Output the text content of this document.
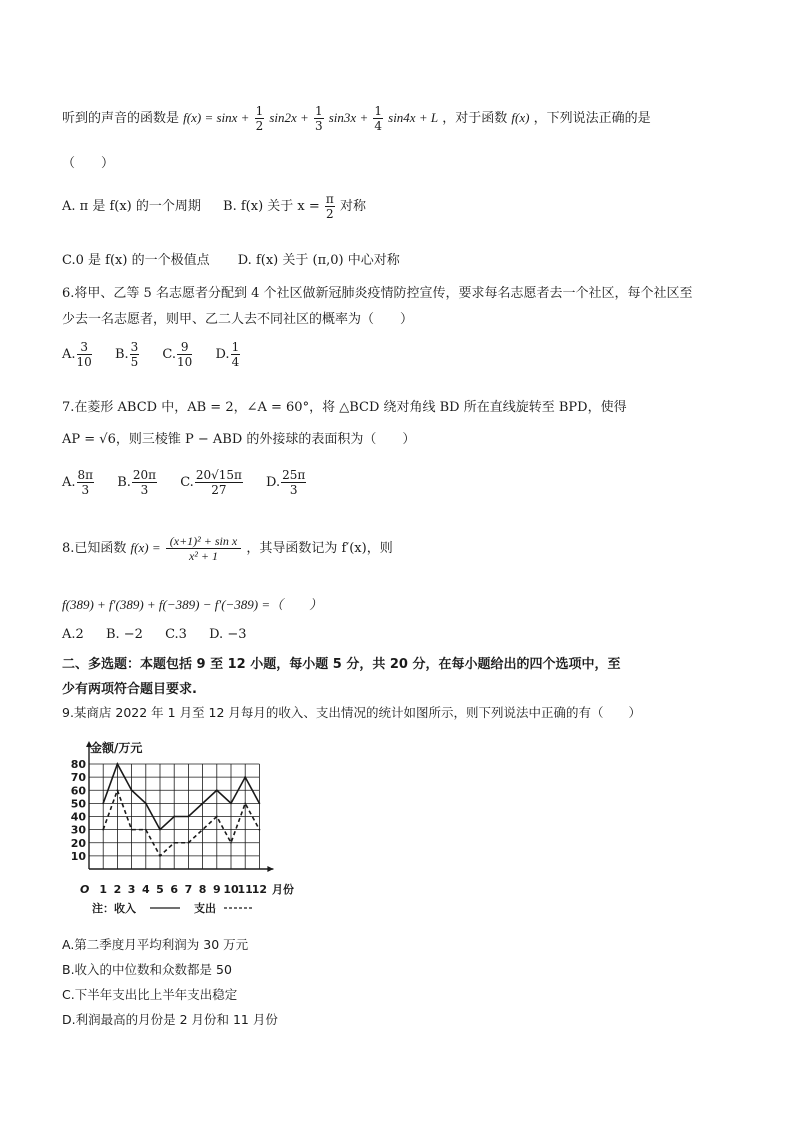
听到的声音的函数是 $f(x) = \sin x + \frac{1}{2} \sin 2x + \frac{1}{3} \sin 3x + \frac{1}{4} \sin 4x + L$ ，对于函数 f(x) ，下列说法正确的是
（　　）
A. π 是 f(x) 的一个周期 B. f(x) 关于 $x = \frac{\pi}{2}$ 对称
C.0 是 f(x) 的一个极值点 D. f(x) 关于 (π,0) 中心对称
6.将甲、乙等 5 名志愿者分配到 4 个社区做新冠肺炎疫情防控宣传，要求每名志愿者去一个社区，每个社区至
少去一名志愿者，则甲、乙二人去不同社区的概率为（　　）
A. $\frac{3}{10} B$. $\frac{3}{5} C$. $\frac{9}{10} D$. $\frac{1}{4}$
7.在菱形 ABCD 中，AB = 2，∠A = 60°，将 △BCD 绕对角线 BD 所在直线旋转至 BPD，使得
AP = √6，则三棱锥 P − ABD 的外接球的表面积为（　　）
A. $\frac{8\pi}{3} B$. $\frac{20\pi}{3} C$. $\frac{20√15\pi}{27} D$. $\frac{25\pi}{3}$
8.已知函数 $f(x) = \frac{\text{(x+1)² + sin x}}{\text{x² + 1}}$ ，其导函数记为 f′(x)，则
f(389) + f′(389) + f(−389) − f′(−389) =（　　）
A.2 B. −2 C.3 D. −3
二、多选题：本题包括 9 至 12 小题，每小题 5 分，共 20 分，在每小题给出的四个选项中，至
少有两项符合题目要求.
9.某商店 2022 年 1 月至 12 月每月的收入、支出情况的统计如图所示，则下列说法中正确的有（　　）
10
20
30
40
50
60
70
80
1 2 3 4 5 6 7 8 9 10
11
12
金额/万元
月份
O
注：收入	支出
A.第二季度月平均利润为 30 万元
B.收入的中位数和众数都是 50
C.下半年支出比上半年支出稳定
D.利润最高的月份是 2 月份和 11 月份
